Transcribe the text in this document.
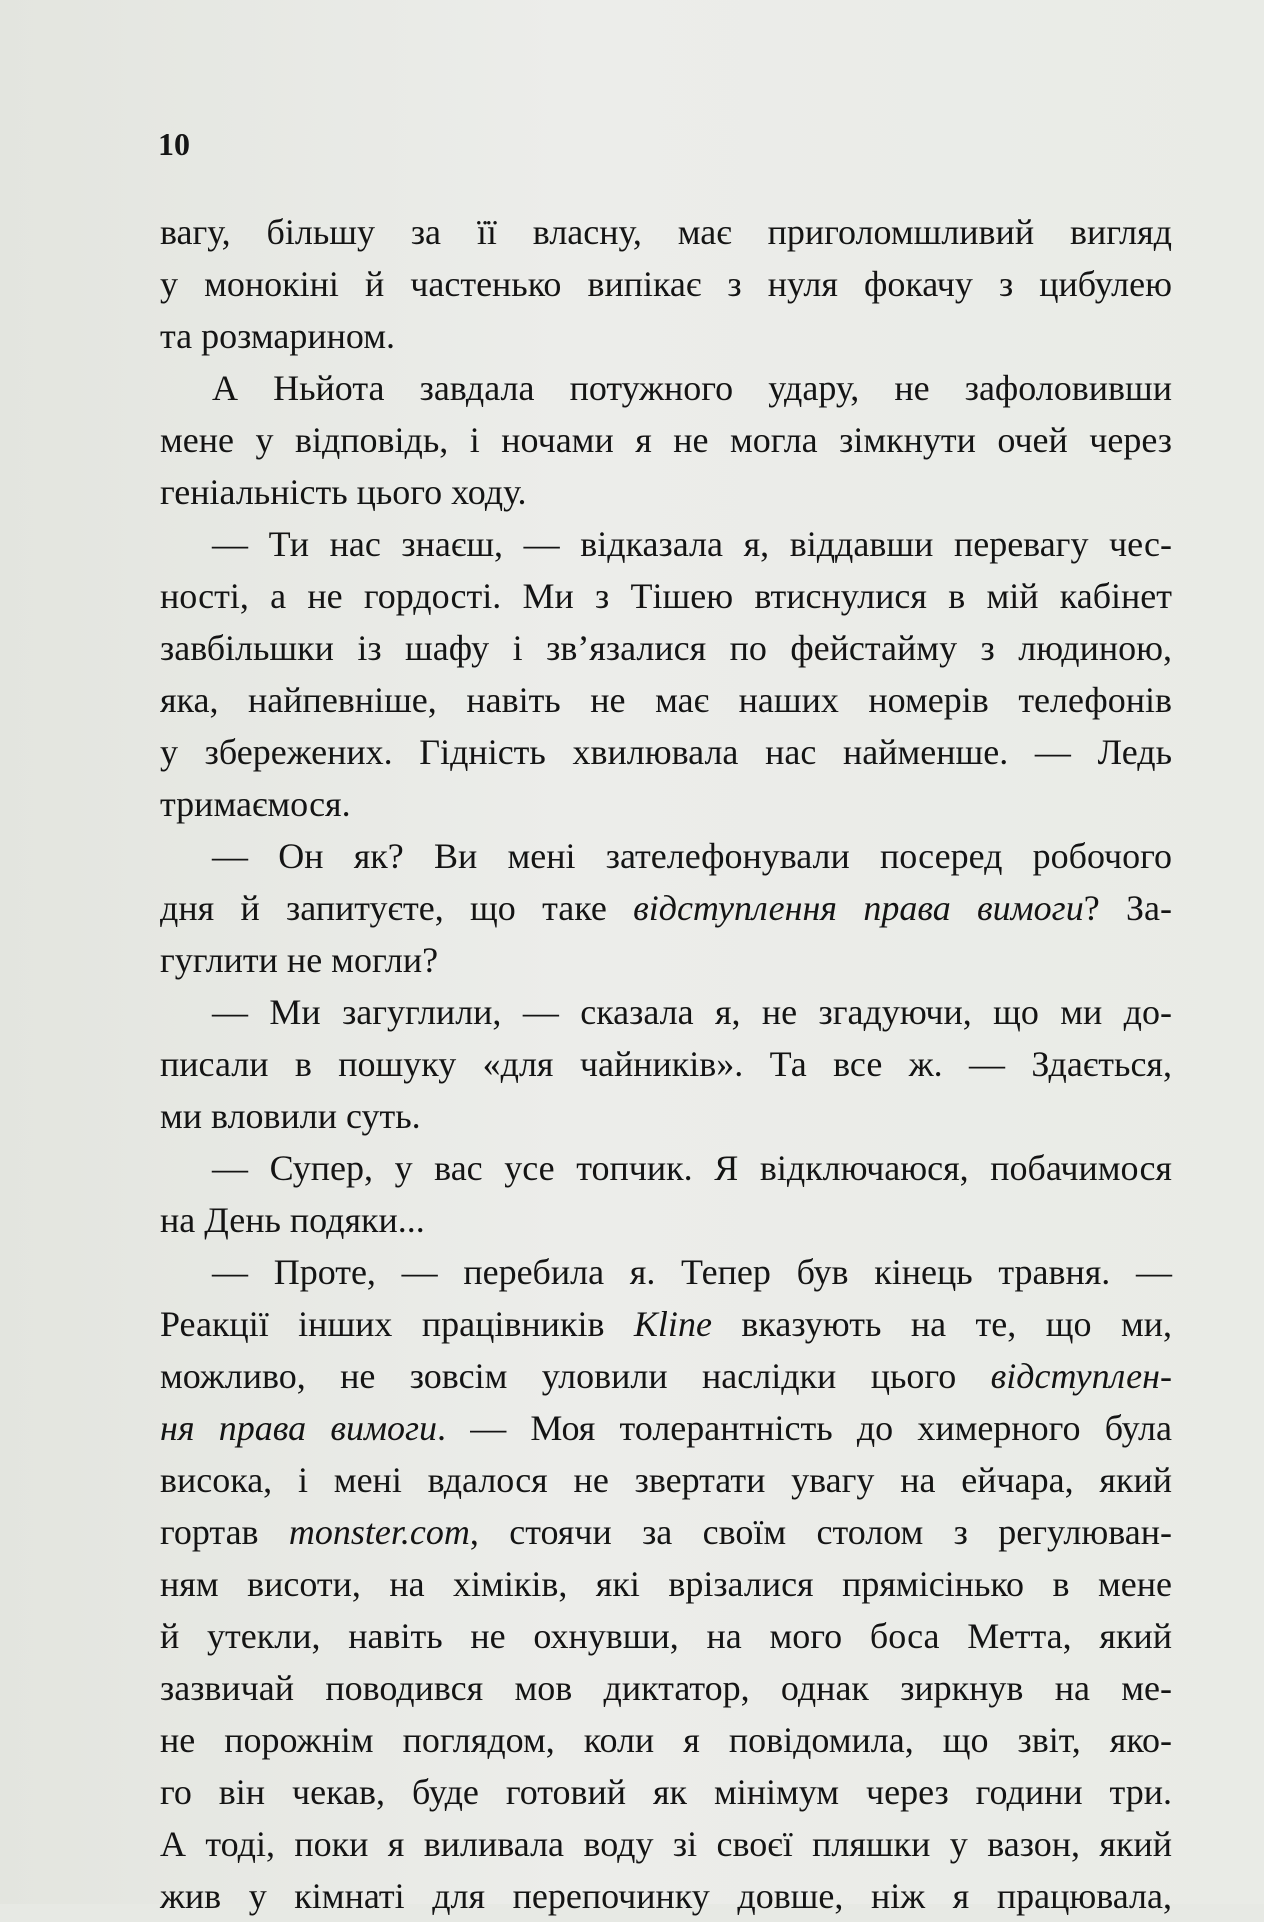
10
вагу, більшу за її власну, має приголомшливий вигляд
у монокіні й частенько випікає з нуля фокачу з цибулею
та розмарином.
А Ньйота завдала потужного удару, не зафоловивши
мене у відповідь, і ночами я не могла зімкнути очей через
геніальність цього ходу.
— Ти нас знаєш, — відказала я, віддавши перевагу чес-
ності, а не гордості. Ми з Тішею втиснулися в мій кабінет
завбільшки із шафу і зв’язалися по фейстайму з людиною,
яка, найпевніше, навіть не має наших номерів телефонів
у збережених. Гідність хвилювала нас найменше. — Ледь
тримаємося.
— Он як? Ви мені зателефонували посеред робочого
дня й запитуєте, що таке відступлення права вимоги? За-
гуглити не могли?
— Ми загуглили, — сказала я, не згадуючи, що ми до-
писали в пошуку «для чайників». Та все ж. — Здається,
ми вловили суть.
— Супер, у вас усе топчик. Я відключаюся, побачимося
на День подяки...
— Проте, — перебила я. Тепер був кінець травня. —
Реакції інших працівників Kline вказують на те, що ми,
можливо, не зовсім уловили наслідки цього відступлен-
ня права вимоги. — Моя толерантність до химерного була
висока, і мені вдалося не звертати увагу на ейчара, який
гортав monster.com, стоячи за своїм столом з регулюван-
ням висоти, на хіміків, які врізалися прямісінько в мене
й утекли, навіть не охнувши, на мого боса Метта, який
зазвичай поводився мов диктатор, однак зиркнув на ме-
не порожнім поглядом, коли я повідомила, що звіт, яко-
го він чекав, буде готовий як мінімум через години три.
А тоді, поки я виливала воду зі своєї пляшки у вазон, який
жив у кімнаті для перепочинку довше, ніж я працювала,
